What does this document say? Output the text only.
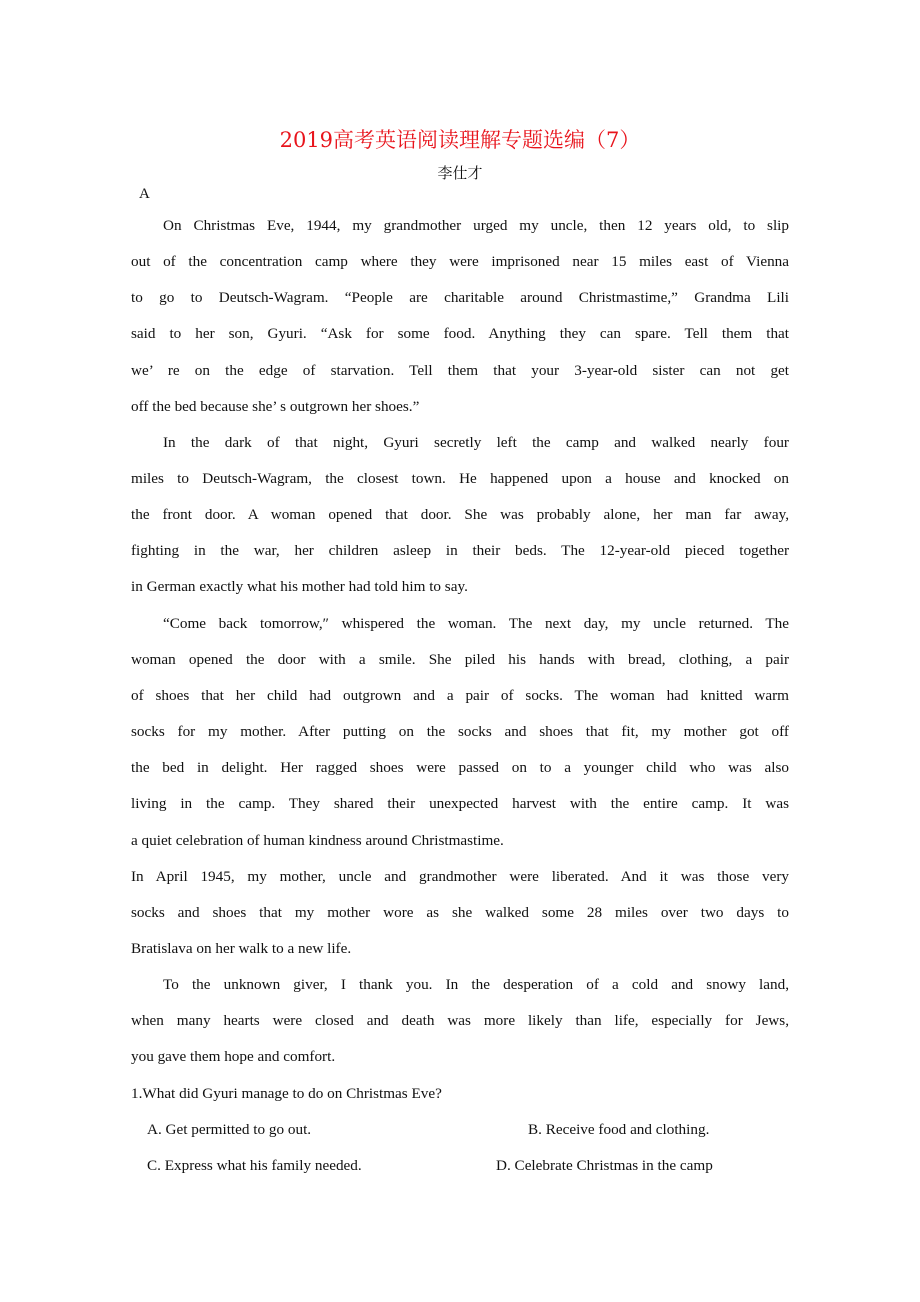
2019高考英语阅读理解专题选编（7）
李仕才
A
On Christmas Eve, 1944, my grandmother urged my uncle, then 12 years old, to slip
out of the concentration camp where they were imprisoned near 15 miles east of Vienna
to go to Deutsch-Wagram. “People are charitable around Christmastime,” Grandma Lili
said to her son, Gyuri. “Ask for some food. Anything they can spare. Tell them that
we’ re on the edge of starvation. Tell them that your 3-year-old sister can not get
off the bed because she’ s outgrown her shoes.”
In the dark of that night, Gyuri secretly left the camp and walked nearly four
miles to Deutsch-Wagram, the closest town. He happened upon a house and knocked on
the front door. A woman opened that door. She was probably alone, her man far away,
fighting in the war, her children asleep in their beds. The 12-year-old pieced together
in German exactly what his mother had told him to say.
“Come back tomorrow,″ whispered the woman. The next day, my uncle returned. The
woman opened the door with a smile. She piled his hands with bread, clothing, a pair
of shoes that her child had outgrown and a pair of socks. The woman had knitted warm
socks for my mother. After putting on the socks and shoes that fit, my mother got off
the bed in delight. Her ragged shoes were passed on to a younger child who was also
living in the camp. They shared their unexpected harvest with the entire camp. It was
a quiet celebration of human kindness around Christmastime.
In April 1945, my mother, uncle and grandmother were liberated. And it was those very
socks and shoes that my mother wore as she walked some 28 miles over two days to
Bratislava on her walk to a new life.
To the unknown giver, I thank you. In the desperation of a cold and snowy land,
when many hearts were closed and death was more likely than life, especially for Jews,
you gave them hope and comfort.
1.What did Gyuri manage to do on Christmas Eve?
A. Get permitted to go out.	B. Receive food and clothing.
C. Express what his family needed.	D. Celebrate Christmas in the camp
